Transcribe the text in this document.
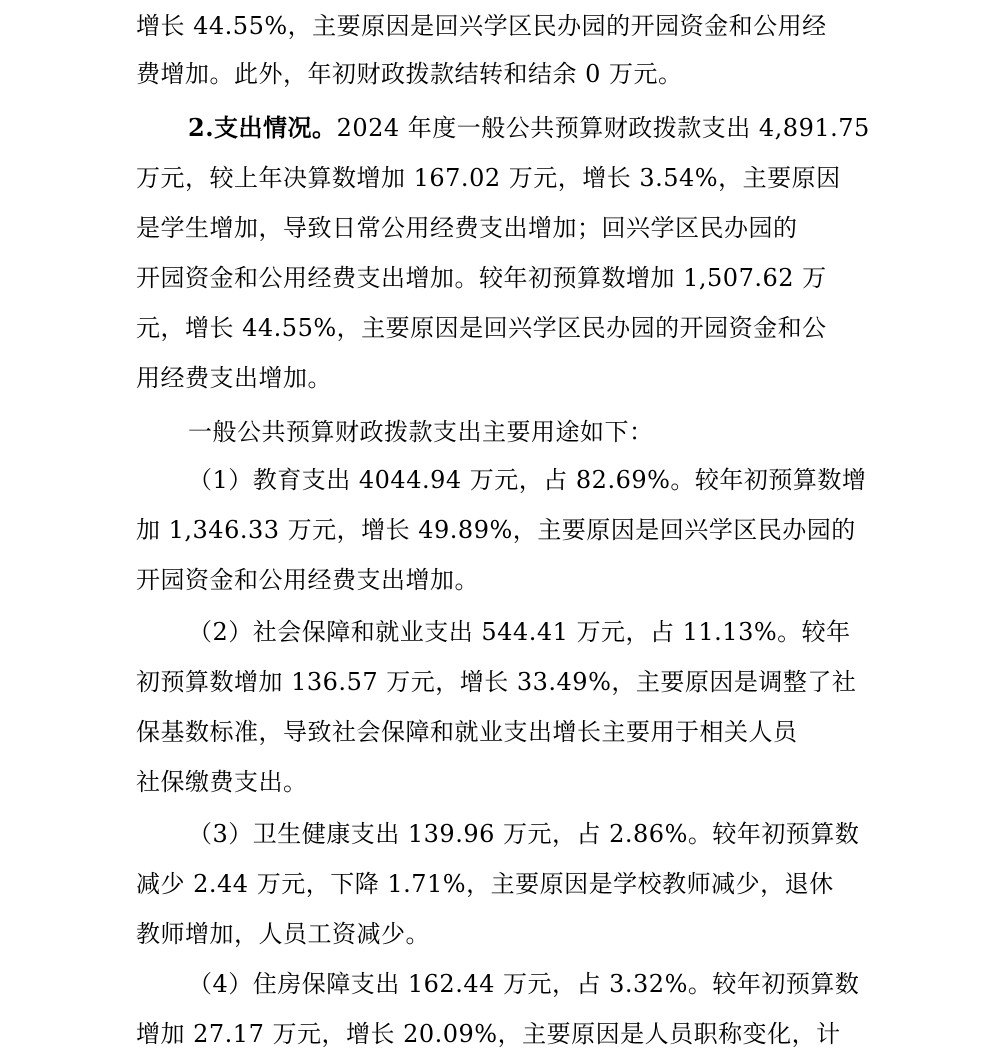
增长 44.55%，主要原因是回兴学区民办园的开园资金和公用经
费增加。此外，年初财政拨款结转和结余 0 万元。
2.支出情况。2024 年度一般公共预算财政拨款支出 4,891.75
万元，较上年决算数增加 167.02 万元，增长 3.54%，主要原因
是学生增加，导致日常公用经费支出增加；回兴学区民办园的
开园资金和公用经费支出增加。较年初预算数增加 1,507.62 万
元，增长 44.55%，主要原因是回兴学区民办园的开园资金和公
用经费支出增加。
一般公共预算财政拨款支出主要用途如下：
（1）教育支出 4044.94 万元，占 82.69%。较年初预算数增
加 1,346.33 万元，增长 49.89%，主要原因是回兴学区民办园的
开园资金和公用经费支出增加。
（2）社会保障和就业支出 544.41 万元，占 11.13%。较年
初预算数增加 136.57 万元，增长 33.49%，主要原因是调整了社
保基数标准，导致社会保障和就业支出增长主要用于相关人员
社保缴费支出。
（3）卫生健康支出 139.96 万元，占 2.86%。较年初预算数
减少 2.44 万元，下降 1.71%，主要原因是学校教师减少，退休
教师增加，人员工资减少。
（4）住房保障支出 162.44 万元，占 3.32%。较年初预算数
增加 27.17 万元，增长 20.09%，主要原因是人员职称变化，计
